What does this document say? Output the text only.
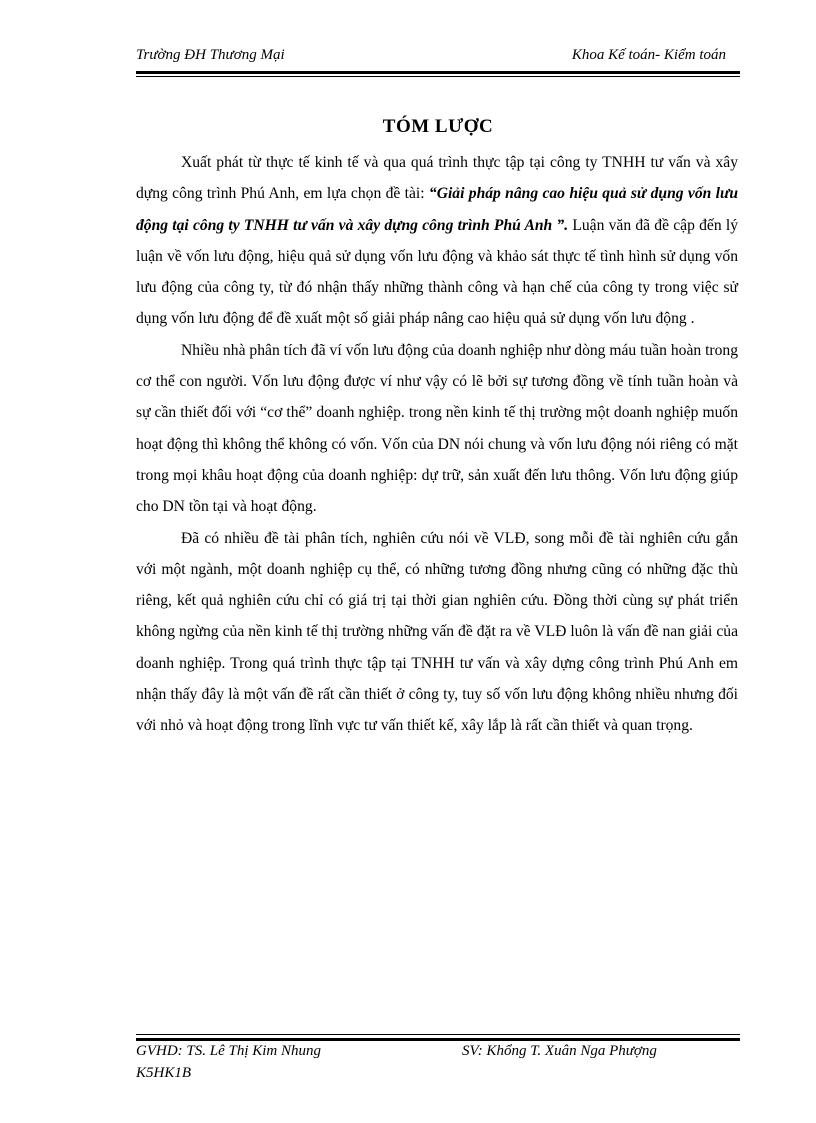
Trường ĐH Thương Mại	Khoa Kế toán- Kiểm toán
TÓM LƯỢC

Xuất phát từ thực tế kinh tế và qua quá trình thực tập tại công ty TNHH tư vấn và xây dựng công trình Phú Anh, em lựa chọn đề tài: “Giải pháp nâng cao hiệu quả sử dụng vốn lưu động tại công ty TNHH tư vấn và xây dựng công trình Phú Anh ”. Luận văn đã đề cập đến lý luận về vốn lưu động, hiệu quả sử dụng vốn lưu động và khảo sát thực tế tình hình sử dụng vốn lưu động của công ty, từ đó nhận thấy những thành công và hạn chế của công ty trong việc sử dụng vốn lưu động để đề xuất một số giải pháp nâng cao hiệu quả sử dụng vốn lưu động .

Nhiều nhà phân tích đã ví vốn lưu động của doanh nghiệp như dòng máu tuần hoàn trong cơ thể con người. Vốn lưu động được ví như vậy có lẽ bởi sự tương đồng về tính tuần hoàn và sự cần thiết đối với “cơ thể” doanh nghiệp. trong nền kinh tế thị trường một doanh nghiệp muốn hoạt động thì không thể không có vốn. Vốn của DN nói chung và vốn lưu động nói riêng có mặt trong mọi khâu hoạt động của doanh nghiệp: dự trữ, sản xuất đến lưu thông. Vốn lưu động giúp cho DN tồn tại và hoạt động.

Đã có nhiều đề tài phân tích, nghiên cứu nói về VLĐ, song mỗi đề tài nghiên cứu gắn với một ngành, một doanh nghiệp cụ thể, có những tương đồng nhưng cũng có những đặc thù riêng, kết quả nghiên cứu chỉ có giá trị tại thời gian nghiên cứu. Đồng thời cùng sự phát triển không ngừng của nền kinh tế thị trường những vấn đề đặt ra về VLĐ luôn là vấn đề nan giải của doanh nghiệp. Trong quá trình thực tập tại TNHH tư vấn và xây dựng công trình Phú Anh em nhận thấy đây là một vấn đề rất cần thiết ở công ty, tuy số vốn lưu động không nhiều nhưng đối với nhỏ và hoạt động trong lĩnh vực tư vấn thiết kế, xây lắp là rất cần thiết và quan trọng.

GVHD: TS. Lê Thị Kim Nhung	SV: Khổng T. Xuân Nga Phượng
K5HK1B
